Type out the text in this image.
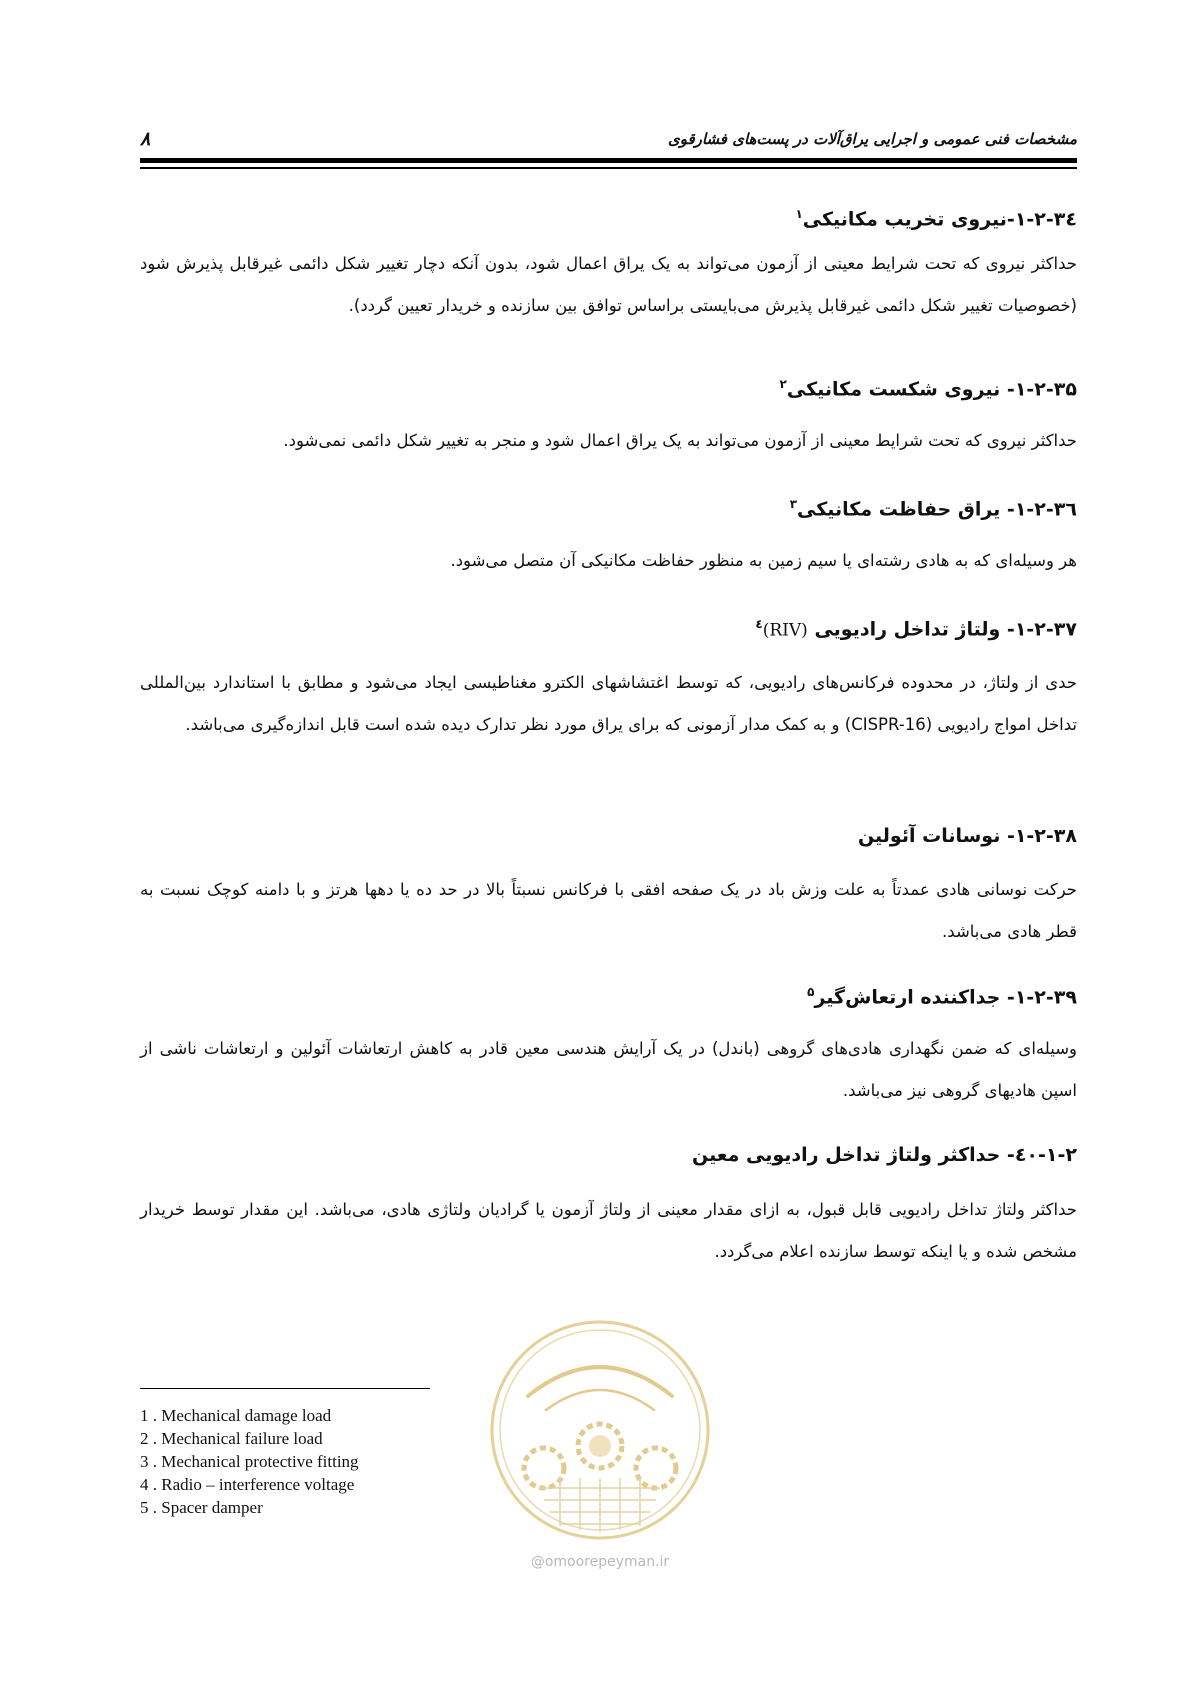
مشخصات فنی عمومی و اجرایی یراق‌آلات در پست‌های فشارقوی
۸
۱-۲-۳٤-نیروی تخریب مکانیکی$^۱$

حداکثر نیروی که تحت شرایط معینی از آزمون می‌تواند به یک یراق اعمال شود، بدون آنکه دچار تغییر شکل دائمی غیرقابل پذیرش شود (خصوصیات تغییر شکل دائمی غیرقابل پذیرش می‌بایستی براساس توافق بین سازنده و خریدار تعیین گردد).

۱-۲-۳۵- نیروی شکست مکانیکی$^۲$

حداکثر نیروی که تحت شرایط معینی از آزمون می‌تواند به یک یراق اعمال شود و منجر به تغییر شکل دائمی نمی‌شود.

۱-۲-۳٦- یراق حفاظت مکانیکی$^۳$

هر وسیله‌ای که به هادی رشته‌ای یا سیم زمین به منظور حفاظت مکانیکی آن متصل می‌شود.

۱-۲-۳۷- ولتاژ تداخل رادیویی (RIV)$^٤$

حدی از ولتاژ، در محدوده فرکانس‌های رادیویی، که توسط اغتشاشهای الکترو مغناطیسی ایجاد می‌شود و مطابق با استاندارد بین‌المللی تداخل امواج رادیویی (CISPR-16) و به کمک مدار آزمونی که برای یراق مورد نظر تدارک دیده شده است قابل اندازه‌گیری می‌باشد.

۱-۲-۳۸- نوسانات آئولین

حرکت نوسانی هادی عمدتاً به علت وزش باد در یک صفحه افقی با فرکانس نسبتاً بالا در حد ده یا دهها هرتز و با دامنه کوچک نسبت به قطر هادی می‌باشد.

۱-۲-۳۹- جداکننده ارتعاش‌گیر$^۵$

وسیله‌ای که ضمن نگهداری هادی‌های گروهی (باندل) در یک آرایش هندسی معین قادر به کاهش ارتعاشات آئولین و ارتعاشات ناشی از اسپن هادیهای گروهی نیز می‌باشد.

۱-۲-٤۰- حداکثر ولتاژ تداخل رادیویی معین

حداکثر ولتاژ تداخل رادیویی قابل قبول، به ازای مقدار معینی از ولتاژ آزمون یا گرادیان ولتاژی هادی، می‌باشد. این مقدار توسط خریدار مشخص شده و یا اینکه توسط سازنده اعلام می‌گردد.

@omoorepeyman.ir
1 . Mechanical damage load
2 . Mechanical failure load
3 . Mechanical protective fitting
4 . Radio – interference voltage
5 . Spacer damper
